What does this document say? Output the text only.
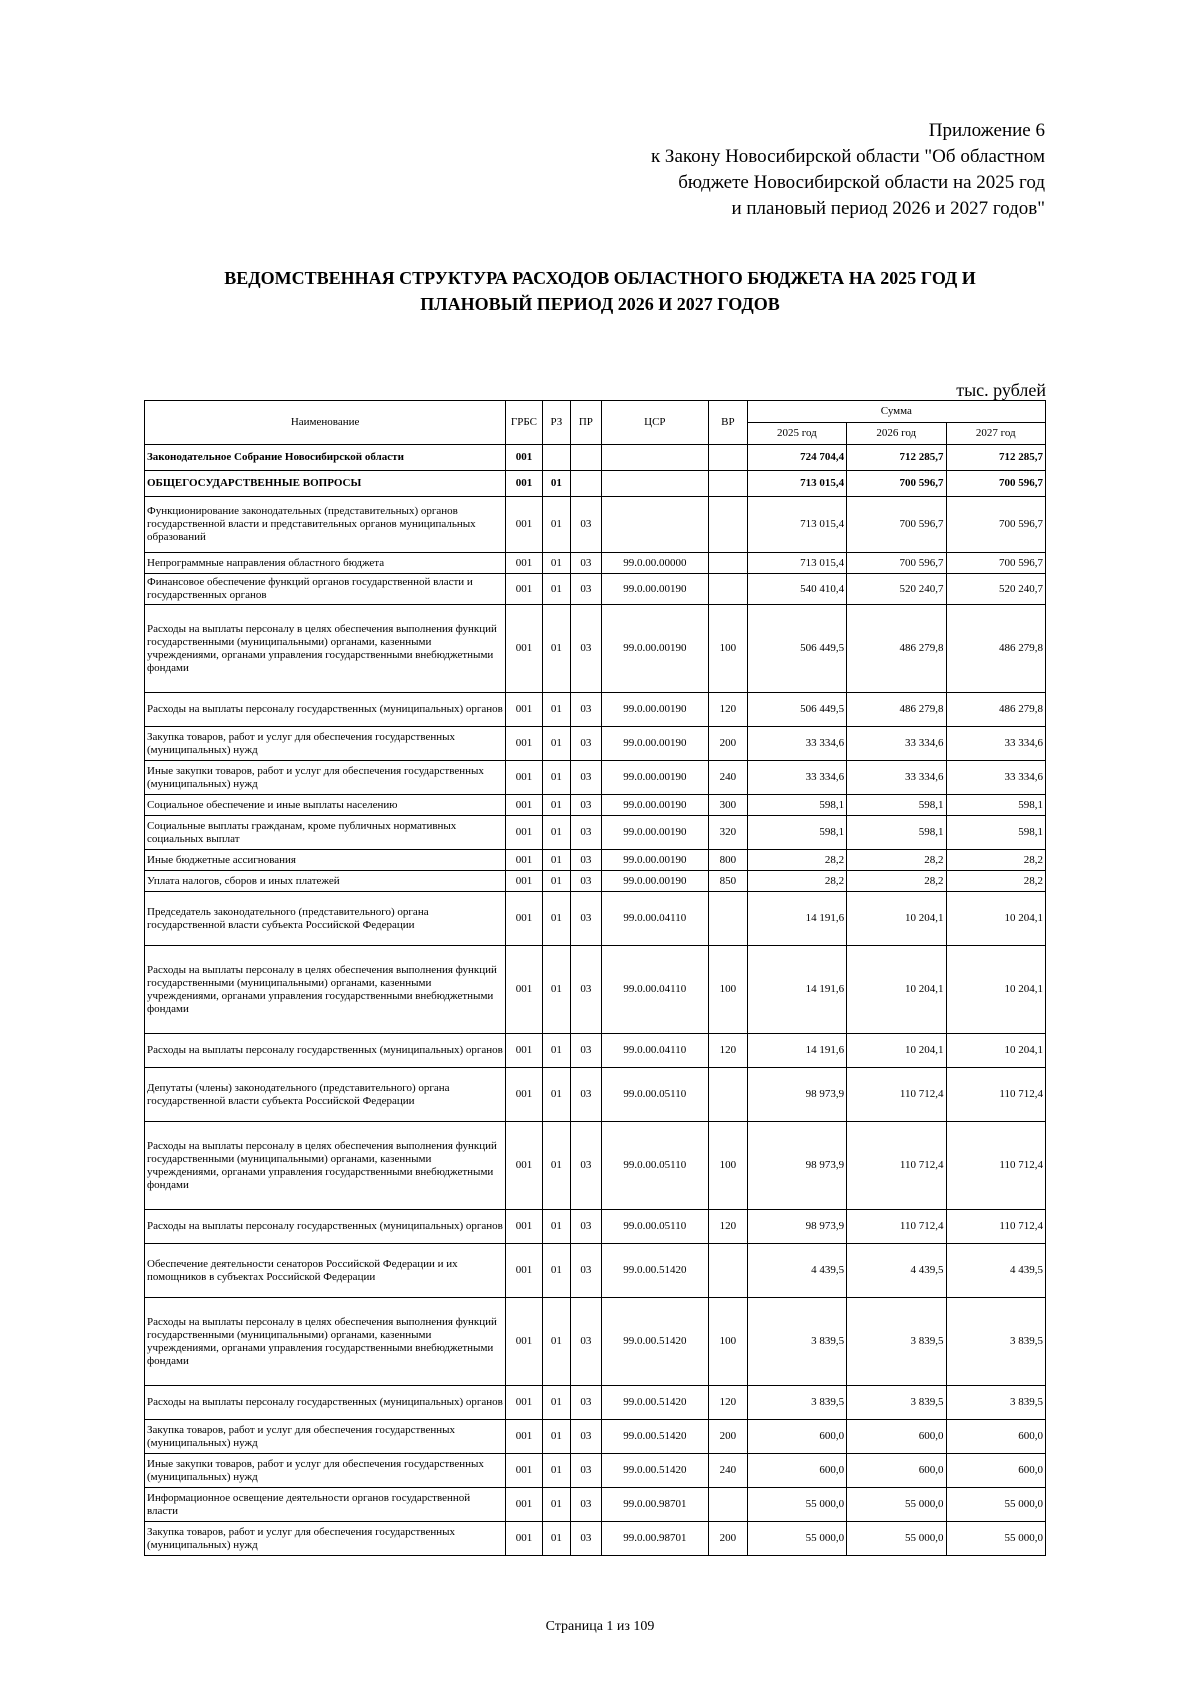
Приложение 6
к Закону Новосибирской области "Об областном
бюджете Новосибирской области на 2025 год
и плановый период 2026 и 2027 годов"
ВЕДОМСТВЕННАЯ СТРУКТУРА РАСХОДОВ ОБЛАСТНОГО БЮДЖЕТА НА 2025 ГОД И
ПЛАНОВЫЙ ПЕРИОД 2026 И 2027 ГОДОВ
тыс. рублей
Наименование	ГРБС	РЗ	ПР	ЦСР	ВР	Сумма		
						2025 год	2026 год	2027 год
Законодательное Собрание Новосибирской области	001					724 704,4	712 285,7	712 285,7
ОБЩЕГОСУДАРСТВЕННЫЕ ВОПРОСЫ	001	01				713 015,4	700 596,7	700 596,7
Функционирование законодательных (представительных) органов государственной власти и представительных органов муниципальных образований	001	01	03			713 015,4	700 596,7	700 596,7
Непрограммные направления областного бюджета	001	01	03	99.0.00.00000		713 015,4	700 596,7	700 596,7
Финансовое обеспечение функций органов государственной власти и государственных органов	001	01	03	99.0.00.00190		540 410,4	520 240,7	520 240,7
Расходы на выплаты персоналу в целях обеспечения выполнения функций государственными (муниципальными) органами, казенными учреждениями, органами управления государственными внебюджетными фондами	001	01	03	99.0.00.00190	100	506 449,5	486 279,8	486 279,8
Расходы на выплаты персоналу государственных (муниципальных) органов	001	01	03	99.0.00.00190	120	506 449,5	486 279,8	486 279,8
Закупка товаров, работ и услуг для обеспечения государственных (муниципальных) нужд	001	01	03	99.0.00.00190	200	33 334,6	33 334,6	33 334,6
Иные закупки товаров, работ и услуг для обеспечения государственных (муниципальных) нужд	001	01	03	99.0.00.00190	240	33 334,6	33 334,6	33 334,6
Социальное обеспечение и иные выплаты населению	001	01	03	99.0.00.00190	300	598,1	598,1	598,1
Социальные выплаты гражданам, кроме публичных нормативных социальных выплат	001	01	03	99.0.00.00190	320	598,1	598,1	598,1
Иные бюджетные ассигнования	001	01	03	99.0.00.00190	800	28,2	28,2	28,2
Уплата налогов, сборов и иных платежей	001	01	03	99.0.00.00190	850	28,2	28,2	28,2
Председатель законодательного (представительного) органа государственной власти субъекта Российской Федерации	001	01	03	99.0.00.04110		14 191,6	10 204,1	10 204,1
Расходы на выплаты персоналу в целях обеспечения выполнения функций государственными (муниципальными) органами, казенными учреждениями, органами управления государственными внебюджетными фондами	001	01	03	99.0.00.04110	100	14 191,6	10 204,1	10 204,1
Расходы на выплаты персоналу государственных (муниципальных) органов	001	01	03	99.0.00.04110	120	14 191,6	10 204,1	10 204,1
Депутаты (члены) законодательного (представительного) органа государственной власти субъекта Российской Федерации	001	01	03	99.0.00.05110		98 973,9	110 712,4	110 712,4
Расходы на выплаты персоналу в целях обеспечения выполнения функций государственными (муниципальными) органами, казенными учреждениями, органами управления государственными внебюджетными фондами	001	01	03	99.0.00.05110	100	98 973,9	110 712,4	110 712,4
Расходы на выплаты персоналу государственных (муниципальных) органов	001	01	03	99.0.00.05110	120	98 973,9	110 712,4	110 712,4
Обеспечение деятельности сенаторов Российской Федерации и их помощников в субъектах Российской Федерации	001	01	03	99.0.00.51420		4 439,5	4 439,5	4 439,5
Расходы на выплаты персоналу в целях обеспечения выполнения функций государственными (муниципальными) органами, казенными учреждениями, органами управления государственными внебюджетными фондами	001	01	03	99.0.00.51420	100	3 839,5	3 839,5	3 839,5
Расходы на выплаты персоналу государственных (муниципальных) органов	001	01	03	99.0.00.51420	120	3 839,5	3 839,5	3 839,5
Закупка товаров, работ и услуг для обеспечения государственных (муниципальных) нужд	001	01	03	99.0.00.51420	200	600,0	600,0	600,0
Иные закупки товаров, работ и услуг для обеспечения государственных (муниципальных) нужд	001	01	03	99.0.00.51420	240	600,0	600,0	600,0
Информационное освещение деятельности органов государственной власти	001	01	03	99.0.00.98701		55 000,0	55 000,0	55 000,0
Закупка товаров, работ и услуг для обеспечения государственных (муниципальных) нужд	001	01	03	99.0.00.98701	200	55 000,0	55 000,0	55 000,0
Страница 1 из 109
